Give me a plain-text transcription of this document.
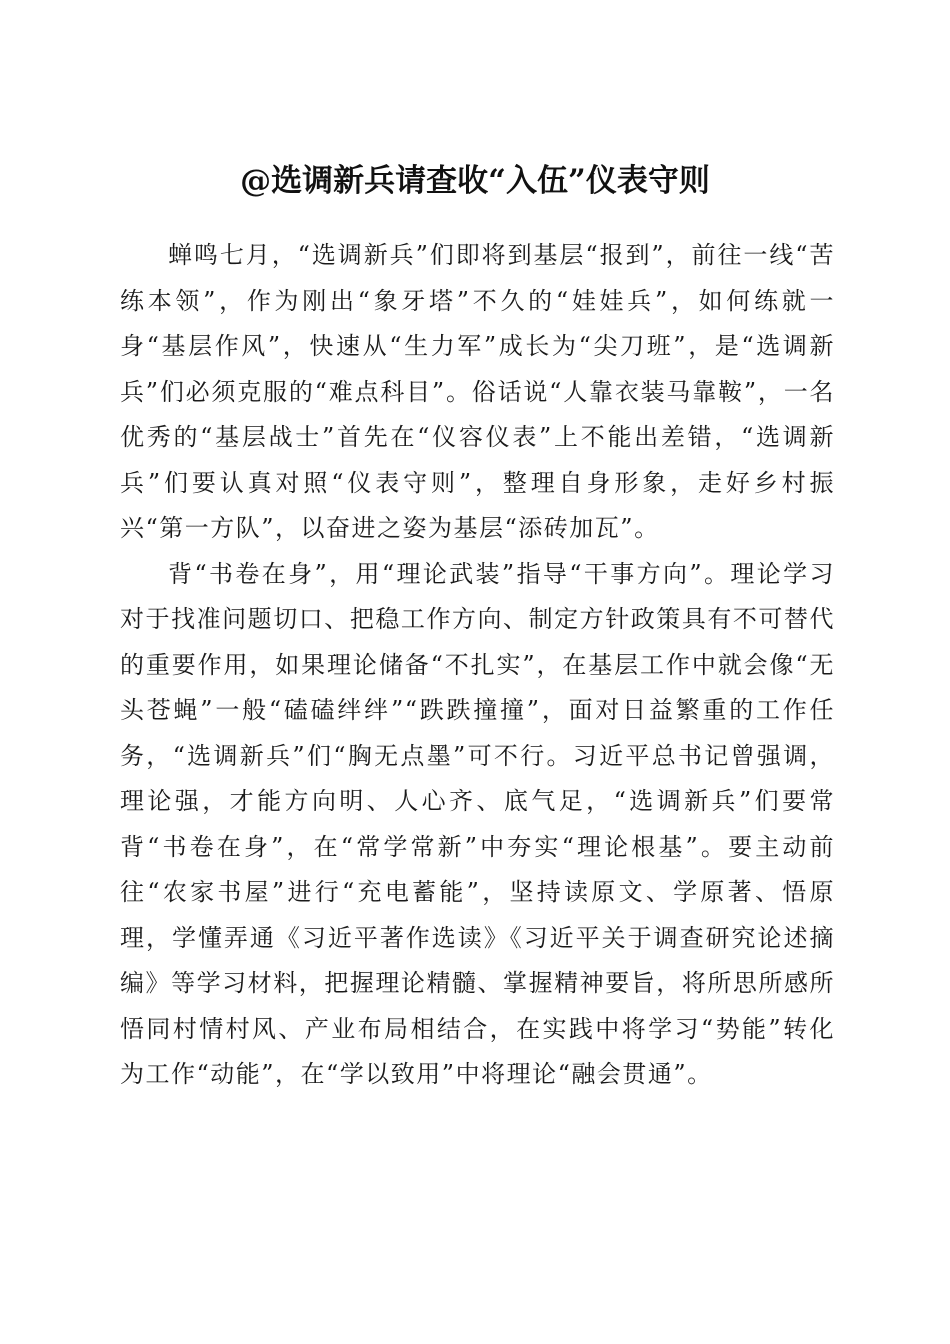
@选调新兵请查收“入伍”仪表守则

蝉鸣七月，“选调新兵”们即将到基层“报到”，前往一线“苦练本领”，作为刚出“象牙塔”不久的“娃娃兵”，如何练就一身“基层作风”，快速从“生力军”成长为“尖刀班”，是“选调新兵”们必须克服的“难点科目”。俗话说“人靠衣装马靠鞍”，一名优秀的“基层战士”首先在“仪容仪表”上不能出差错，“选调新兵”们要认真对照“仪表守则”，整理自身形象，走好乡村振兴“第一方队”，以奋进之姿为基层“添砖加瓦”。

背“书卷在身”，用“理论武装”指导“干事方向”。理论学习对于找准问题切口、把稳工作方向、制定方针政策具有不可替代的重要作用，如果理论储备“不扎实”，在基层工作中就会像“无头苍蝇”一般“磕磕绊绊”“跌跌撞撞”，面对日益繁重的工作任务，“选调新兵”们“胸无点墨”可不行。习近平总书记曾强调，理论强，才能方向明、人心齐、底气足，“选调新兵”们要常背“书卷在身”，在“常学常新”中夯实“理论根基”。要主动前往“农家书屋”进行“充电蓄能”，坚持读原文、学原著、悟原理，学懂弄通《习近平著作选读》《习近平关于调查研究论述摘编》等学习材料，把握理论精髓、掌握精神要旨，将所思所感所悟同村情村风、产业布局相结合，在实践中将学习“势能”转化为工作“动能”，在“学以致用”中将理论“融会贯通”。
